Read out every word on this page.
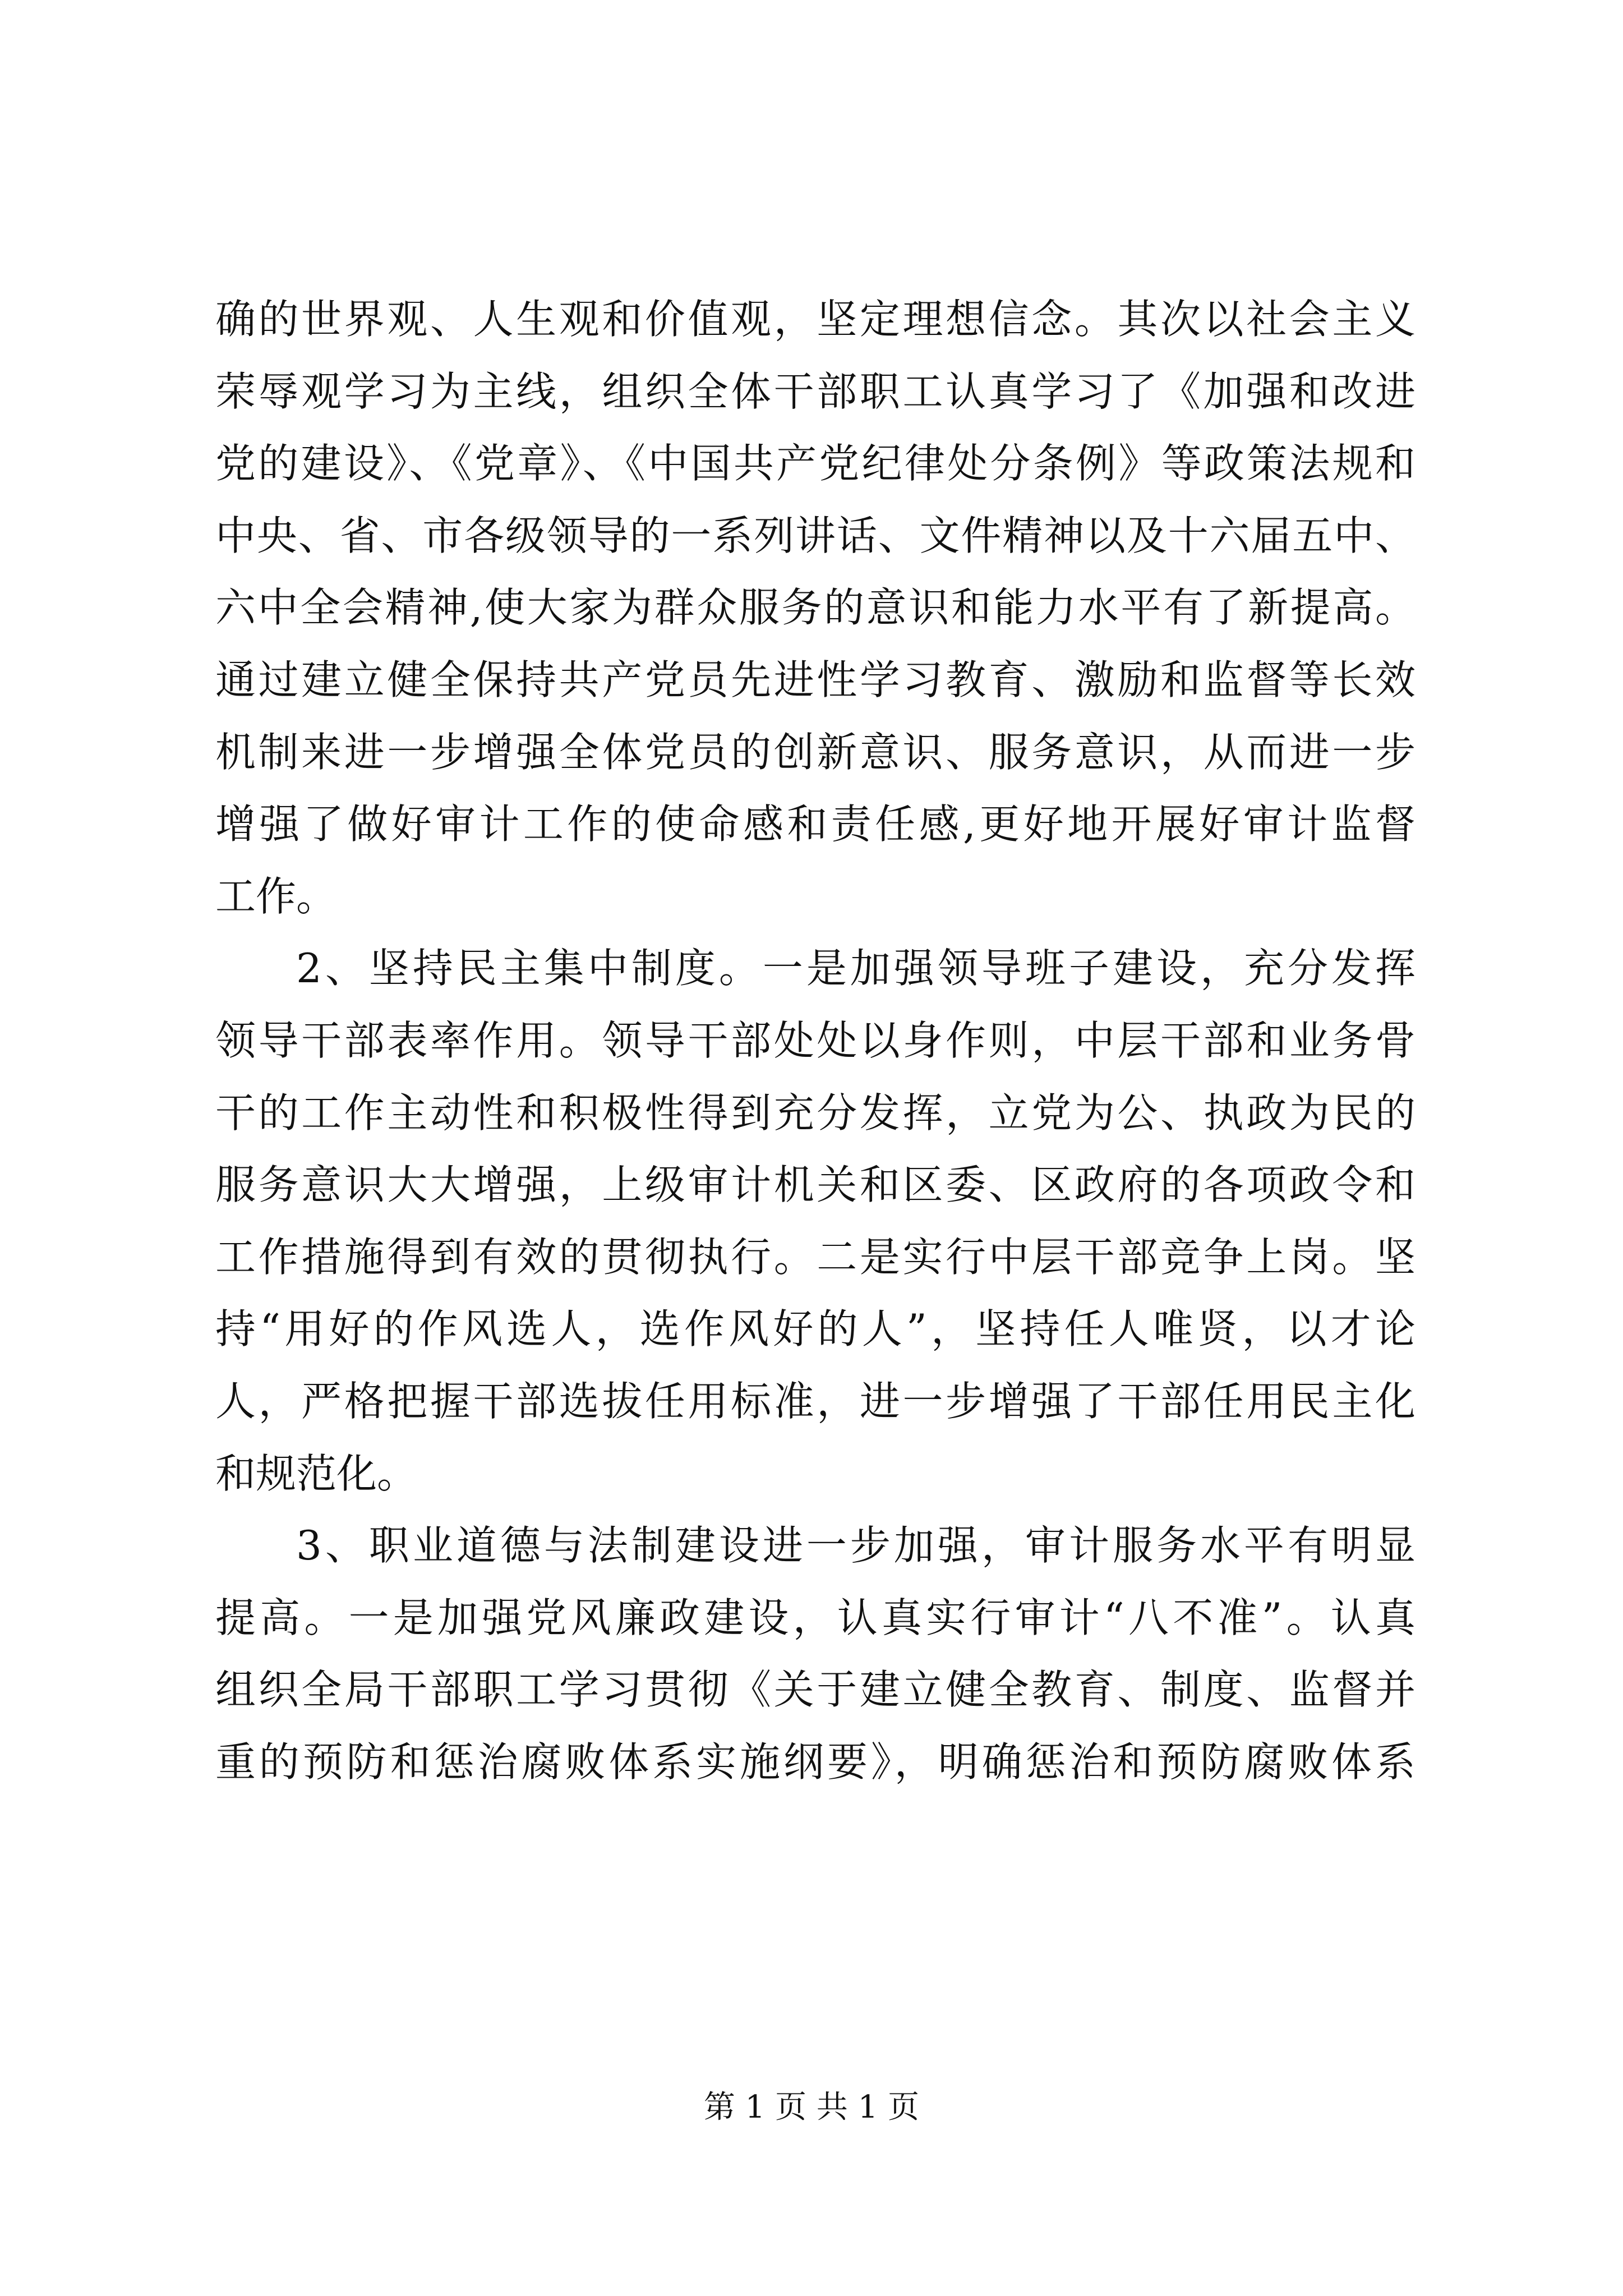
确的世界观、人生观和价值观，坚定理想信念。其次以社会主义
荣辱观学习为主线，组织全体干部职工认真学习了《加强和改进
党的建设》、《党章》、《中国共产党纪律处分条例》等政策法规和
中央、省、市各级领导的一系列讲话、文件精神以及十六届五中、
六中全会精神,使大家为群众服务的意识和能力水平有了新提高。
通过建立健全保持共产党员先进性学习教育、激励和监督等长效
机制来进一步增强全体党员的创新意识、服务意识，从而进一步
增强了做好审计工作的使命感和责任感,更好地开展好审计监督
工作。
2、坚持民主集中制度。一是加强领导班子建设，充分发挥
领导干部表率作用。领导干部处处以身作则，中层干部和业务骨
干的工作主动性和积极性得到充分发挥，立党为公、执政为民的
服务意识大大增强，上级审计机关和区委、区政府的各项政令和
工作措施得到有效的贯彻执行。二是实行中层干部竞争上岗。坚
持“用好的作风选人，选作风好的人”，坚持任人唯贤，以才论
人，严格把握干部选拔任用标准，进一步增强了干部任用民主化
和规范化。
3、职业道德与法制建设进一步加强，审计服务水平有明显
提高。一是加强党风廉政建设，认真实行审计“八不准”。认真
组织全局干部职工学习贯彻《关于建立健全教育、制度、监督并
重的预防和惩治腐败体系实施纲要》，明确惩治和预防腐败体系
第 1 页 共 1 页
